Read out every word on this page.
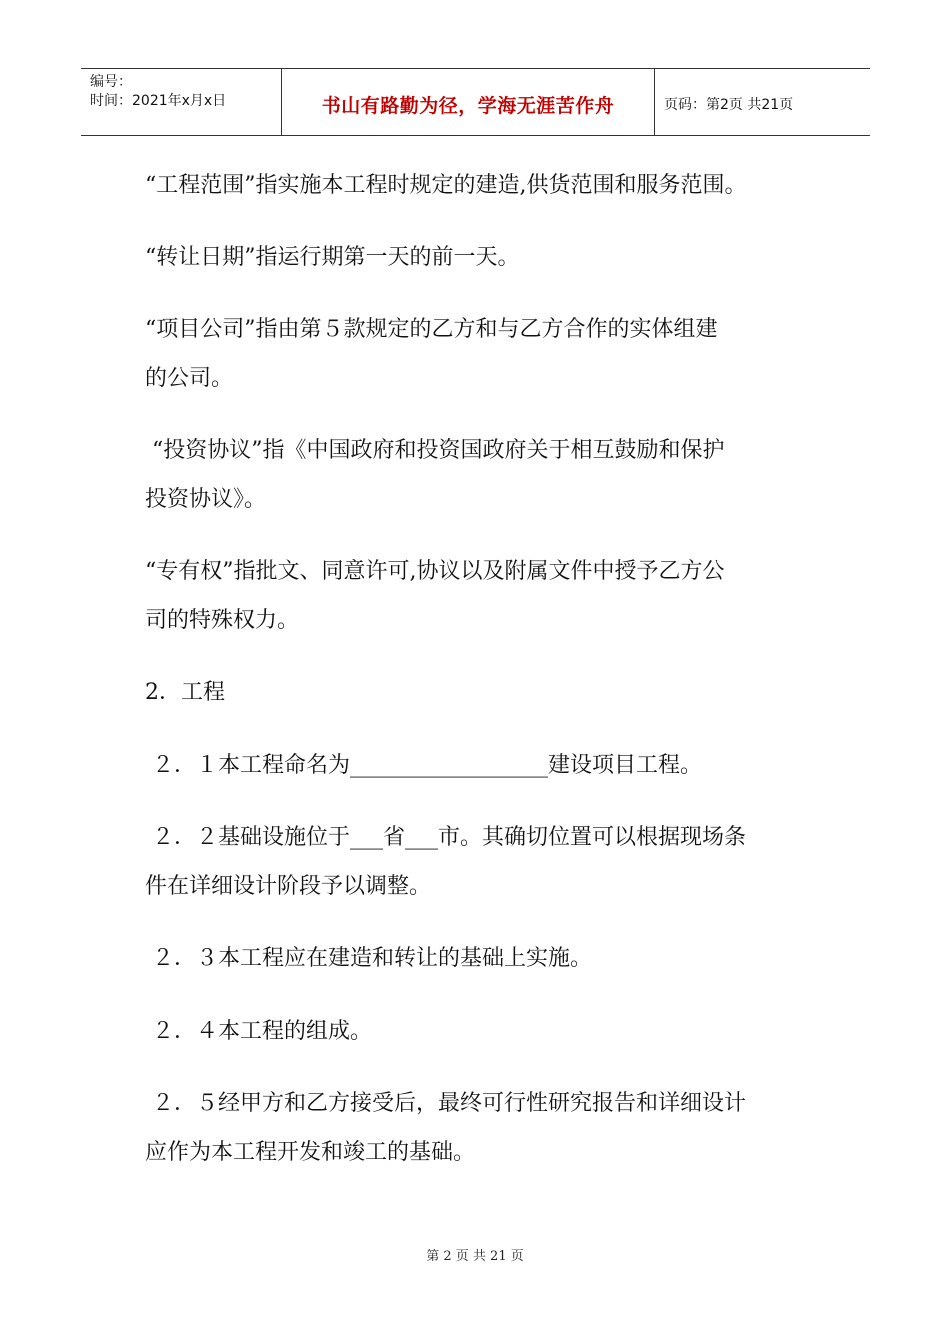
编号：
时间：2021年x月x日	书山有路勤为径，学海无涯苦作舟	页码：第2页 共21页

“工程范围”指实施本工程时规定的建造,供货范围和服务范围。

“转让日期”指运行期第一天的前一天。

“项目公司”指由第５款规定的乙方和与乙方合作的实体组建

的公司。

“投资协议”指《中国政府和投资国政府关于相互鼓励和保护

投资协议》。

“专有权”指批文、同意许可,协议以及附属文件中授予乙方公

司的特殊权力。

2．工程

２．１本工程命名为__________________建设项目工程。

２．２基础设施位于___省___市。其确切位置可以根据现场条

件在详细设计阶段予以调整。

２．３本工程应在建造和转让的基础上实施。

２．４本工程的组成。

２．５经甲方和乙方接受后，最终可行性研究报告和详细设计

应作为本工程开发和竣工的基础。

第 2 页 共 21 页
